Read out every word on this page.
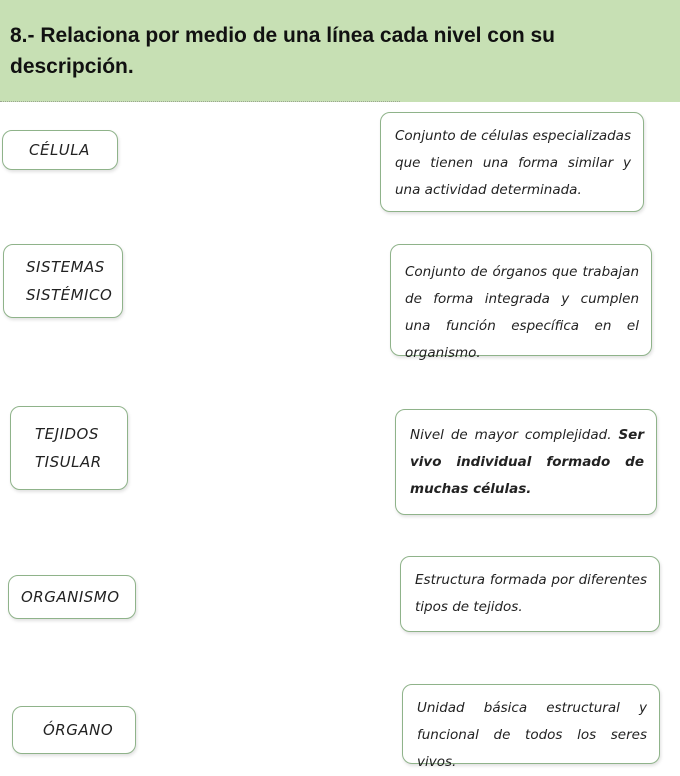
8.- Relaciona por medio de una línea cada nivel con su descripción.

CÉLULA
SISTEMAS
SISTÉMICO
TEJIDOS
TISULAR
ORGANISMO
ÓRGANO
Conjunto de células especializadas que tienen una forma similar y una actividad determinada.
Conjunto de órganos que trabajan de forma integrada y cumplen una función específica en el organismo.
Nivel de mayor complejidad. Ser vivo individual formado de muchas células.
Estructura formada por diferentes tipos de tejidos.
Unidad básica estructural y funcional de todos los seres vivos.
